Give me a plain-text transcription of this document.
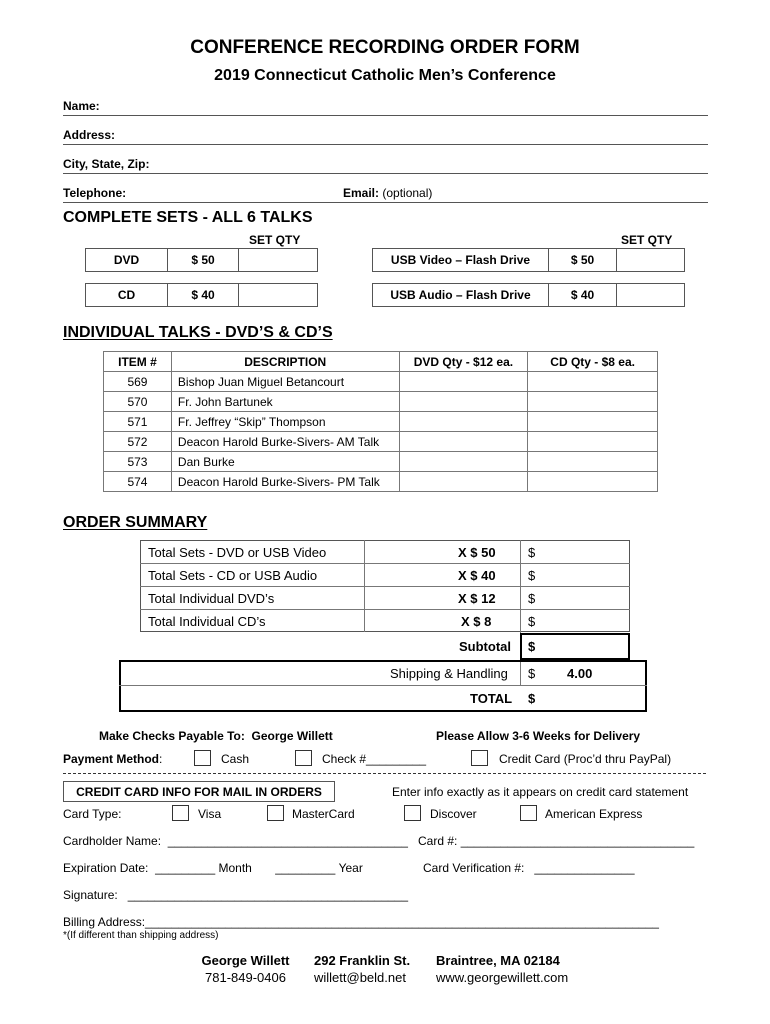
CONFERENCE RECORDING ORDER FORM
2019 Connecticut Catholic Men’s Conference
Name:
Address:
City, State, Zip:
Telephone:	Email: (optional)
COMPLETE SETS - ALL 6 TALKS
SET QTY	SET QTY
DVD	$ 50
CD	$ 40
USB Video – Flash Drive	$ 50
USB Audio – Flash Drive	$ 40
INDIVIDUAL TALKS - DVD’S & CD’S
ITEM #	DESCRIPTION	DVD Qty - $12 ea.	CD Qty - $8 ea.
569	Bishop Juan Miguel Betancourt		
570	Fr. John Bartunek		
571	Fr. Jeffrey “Skip” Thompson		
572	Deacon Harold Burke-Sivers- AM Talk		
573	Dan Burke		
574	Deacon Harold Burke-Sivers- PM Talk		
ORDER SUMMARY
Total Sets - DVD or USB Video	X $ 50 $
Total Sets - CD or USB Audio	X $ 40 $
Total Individual DVD’s	X $ 12 $
Total Individual CD’s	X $ 8	$
Subtotal $
Shipping & Handling $ 4.00
TOTAL $
Make Checks Payable To: George Willett	Please Allow 3-6 Weeks for Delivery
Payment Method:	Cash	Check #_________	Credit Card (Proc’d thru PayPal)
CREDIT CARD INFO FOR MAIL IN ORDERS	Enter info exactly as it appears on credit card statement
Card Type:	Visa	MasterCard	Discover	American Express
Cardholder Name: ____________________________________ Card #: ___________________________________
Expiration Date: _________ Month _________ Year	Card Verification #: _______________
Signature: __________________________________________
Billing Address:_____________________________________________________________________________
*(If different than shipping address)
George Willett
781-849-0406
292 Franklin St.
willett@beld.net
Braintree, MA 02184
www.georgewillett.com
